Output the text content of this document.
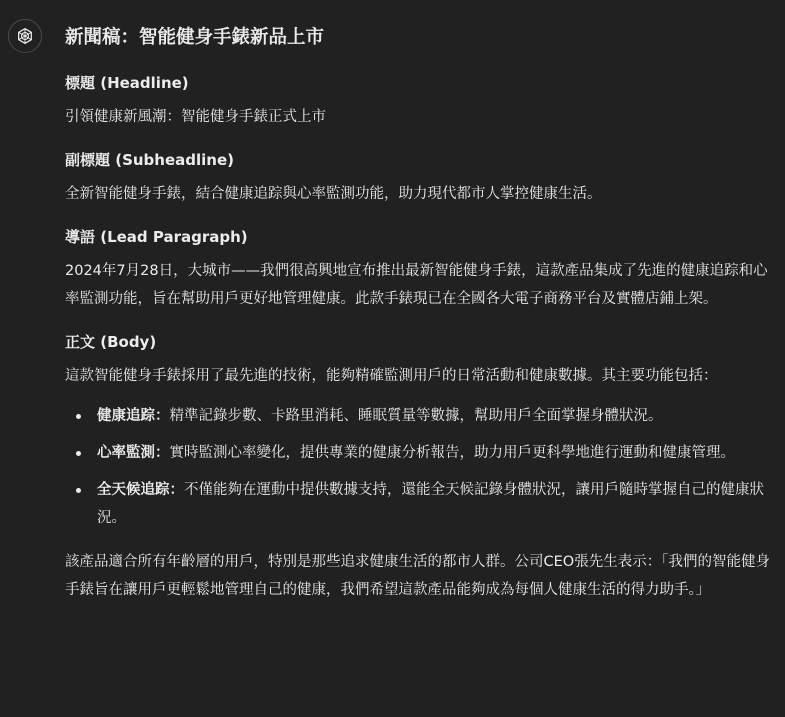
新聞稿：智能健身手錶新品上市
標題 (Headline)
引領健康新風潮：智能健身手錶正式上市
副標題 (Subheadline)
全新智能健身手錶，結合健康追踪與心率監測功能，助力現代都市人掌控健康生活。
導語 (Lead Paragraph)
2024年7月28日，大城市——我們很高興地宣布推出最新智能健身手錶，這款產品集成了先進的健康追踪和心率監測功能，旨在幫助用戶更好地管理健康。此款手錶現已在全國各大電子商務平台及實體店鋪上架。
正文 (Body)
這款智能健身手錶採用了最先進的技術，能夠精確監測用戶的日常活動和健康數據。其主要功能包括：
健康追踪：精準記錄步數、卡路里消耗、睡眠質量等數據，幫助用戶全面掌握身體狀況。
心率監測：實時監測心率變化，提供專業的健康分析報告，助力用戶更科學地進行運動和健康管理。
全天候追踪：不僅能夠在運動中提供數據支持，還能全天候記錄身體狀況，讓用戶隨時掌握自己的健康狀況。
該產品適合所有年齡層的用戶，特別是那些追求健康生活的都市人群。公司CEO張先生表示：「我們的智能健身手錶旨在讓用戶更輕鬆地管理自己的健康，我們希望這款產品能夠成為每個人健康生活的得力助手。」
